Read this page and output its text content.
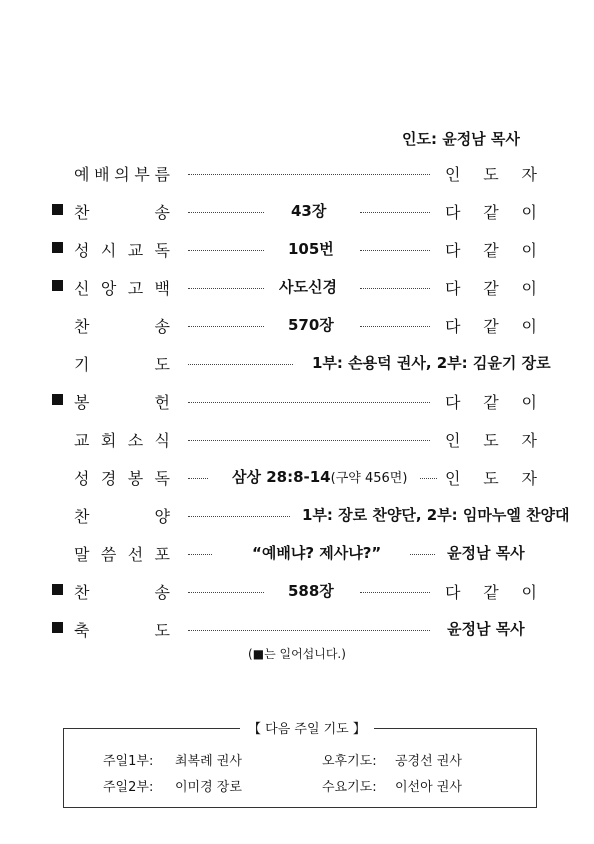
인도: 윤정남 목사
예 배 의 부 름	인 도 자
찬	송	43장	다 같 이
성 시 교 독	105번	다 같 이
신 앙 고 백	사도신경	다 같 이
찬	송	570장	다 같 이
기	도	1부: 손용덕 권사, 2부: 김윤기 장로
봉	헌	다 같 이
교 회 소 식	인 도 자
성 경 봉 독	삼상 28:8-14(구약 456면) 인 도 자
찬	양	1부: 장로 찬양단, 2부: 임마누엘 찬양대
말 씀 선 포	“예배냐? 제사냐?”	윤정남 목사
찬	송	588장	다 같 이
축	도	윤정남 목사
(■는 일어섭니다.)
【 다음 주일 기도 】
주일1부: 최복례 권사	오후기도: 공경선 권사
주일2부: 이미경 장로	수요기도: 이선아 권사
